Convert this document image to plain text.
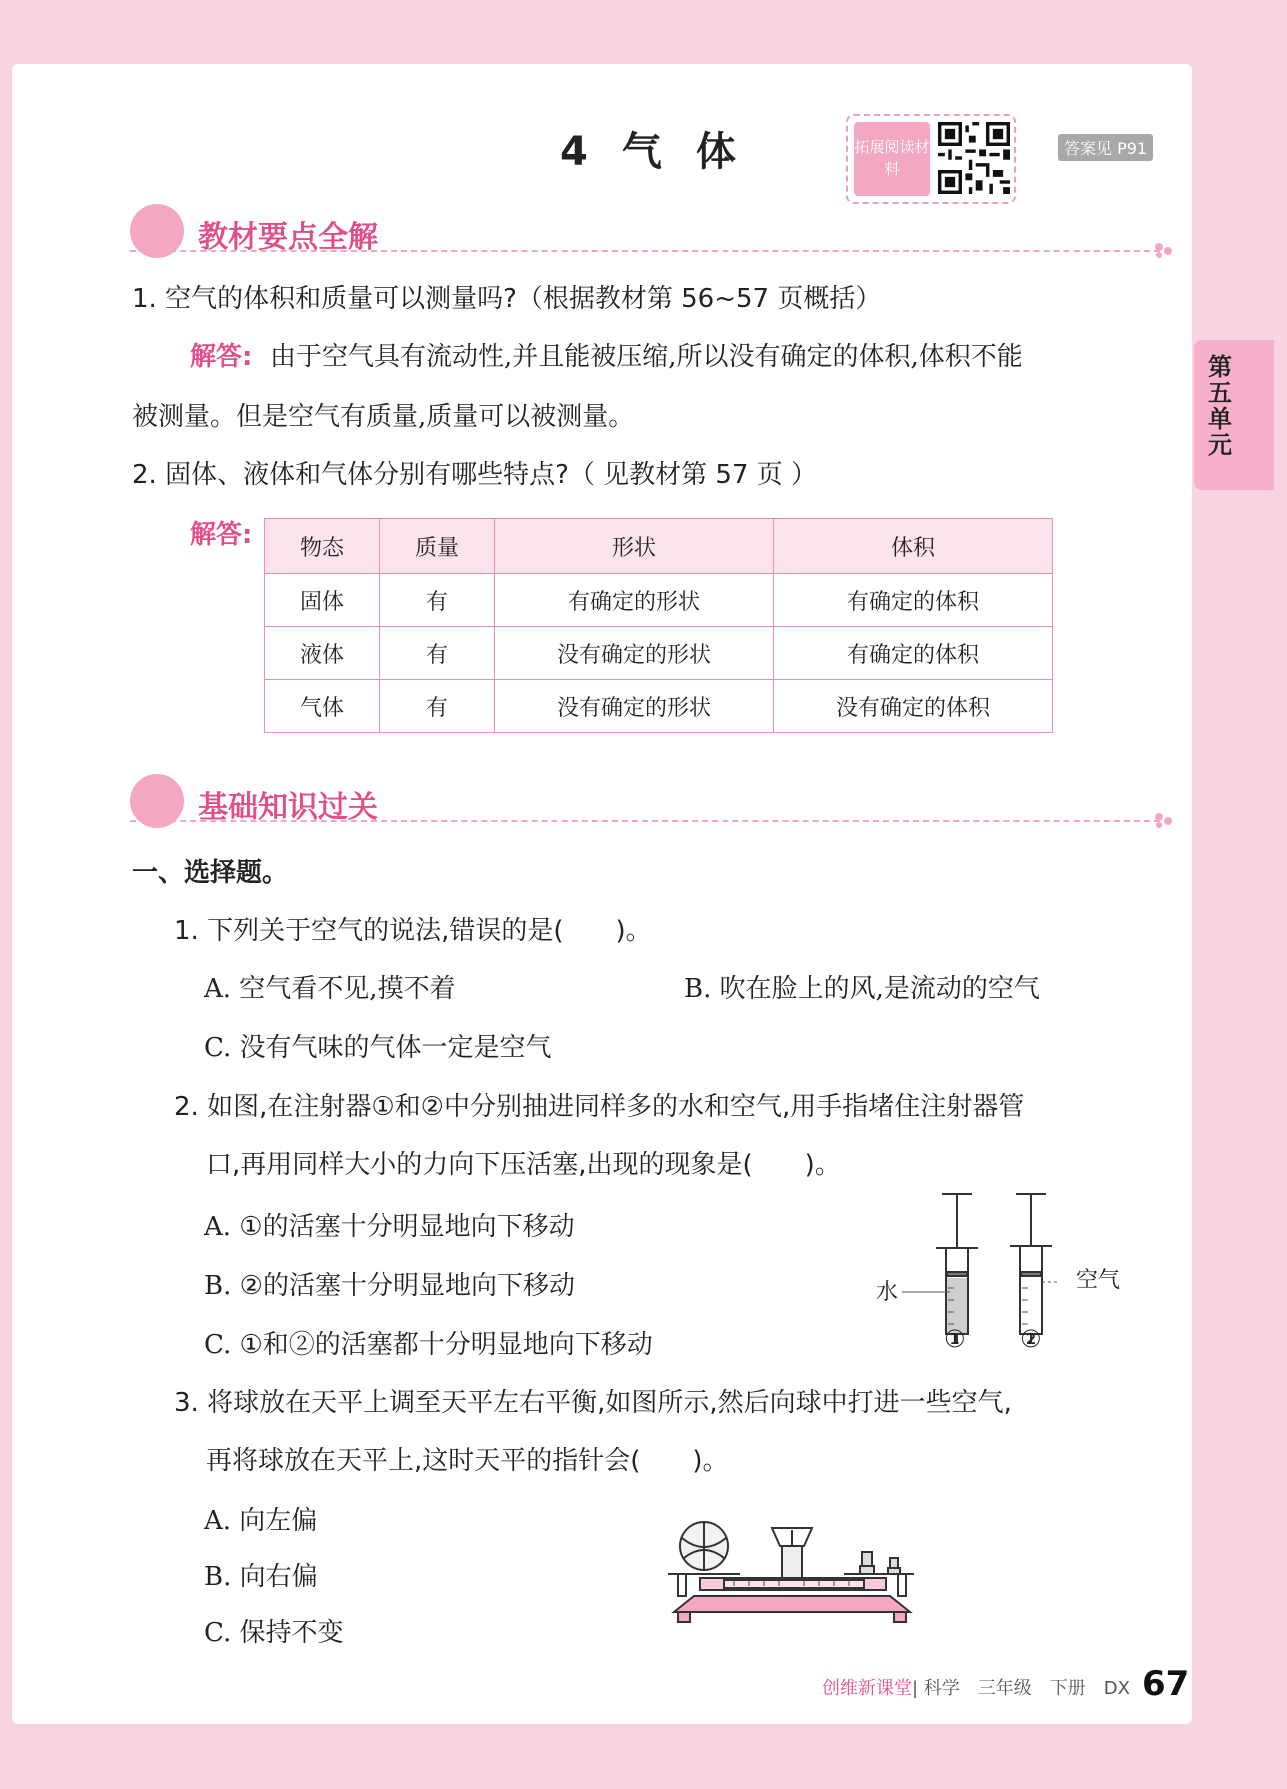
4 气 体	拓展阅读材料
答案见 P91
第五单元
教材要点全解
1. 空气的体积和质量可以测量吗?（根据教材第 56~57 页概括）
解答: 由于空气具有流动性,并且能被压缩,所以没有确定的体积,体积不能
被测量。但是空气有质量,质量可以被测量。
2. 固体、液体和气体分别有哪些特点?（ 见教材第 57 页 ）
解答: 物态	质量	形状	体积
固体	有	有确定的形状	有确定的体积
液体	有	没有确定的形状	有确定的体积
气体	有	没有确定的形状	没有确定的体积
基础知识过关
一、选择题。
1. 下列关于空气的说法,错误的是(　　)。
A. 空气看不见,摸不着	B. 吹在脸上的风,是流动的空气
C. 没有气味的气体一定是空气
2. 如图,在注射器①和②中分别抽进同样多的水和空气,用手指堵住注射器管
口,再用同样大小的力向下压活塞,出现的现象是(　　)。
A. ①的活塞十分明显地向下移动
B. ②的活塞十分明显地向下移动
C. ①和②的活塞都十分明显地向下移动
水	空气
① ②
3. 将球放在天平上调至天平左右平衡,如图所示,然后向球中打进一些空气,
再将球放在天平上,这时天平的指针会(　　)。
A. 向左偏
B. 向右偏
C. 保持不变
创维新课堂| 科学　三年级　下册　DX 67
